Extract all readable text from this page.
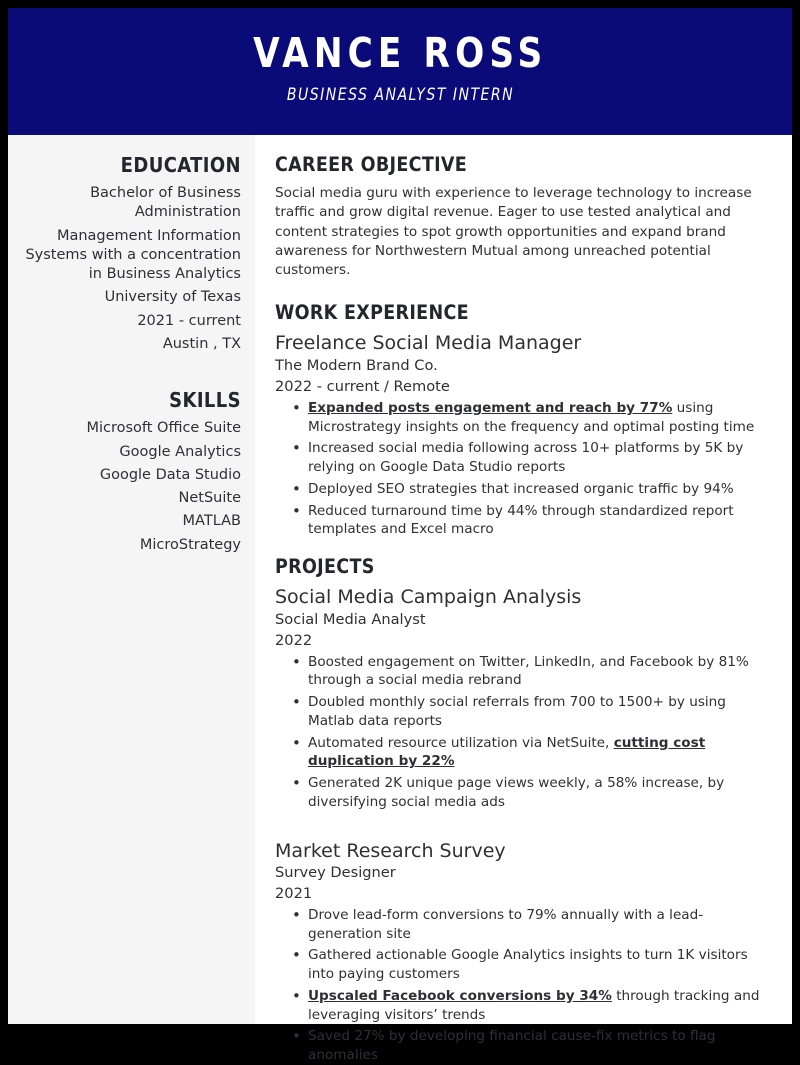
VANCE ROSS
BUSINESS ANALYST INTERN
EDUCATION
Bachelor of Business Administration
Management Information Systems with a concentration in Business Analytics
University of Texas
2021 - current
Austin , TX
SKILLS
Microsoft Office Suite
Google Analytics
Google Data Studio
NetSuite
MATLAB
MicroStrategy
CAREER OBJECTIVE

Social media guru with experience to leverage technology to increase traffic and grow digital revenue. Eager to use tested analytical and content strategies to spot growth opportunities and expand brand awareness for Northwestern Mutual among unreached potential customers.

WORK EXPERIENCE
Freelance Social Media Manager
The Modern Brand Co.
2022 - current / Remote
• Expanded posts engagement and reach by 77% using Microstrategy insights on the frequency and optimal posting time
• Increased social media following across 10+ platforms by 5K by relying on Google Data Studio reports
• Deployed SEO strategies that increased organic traffic by 94%
• Reduced turnaround time by 44% through standardized report templates and Excel macro
PROJECTS
Social Media Campaign Analysis
Social Media Analyst
2022
• Boosted engagement on Twitter, LinkedIn, and Facebook by 81% through a social media rebrand
• Doubled monthly social referrals from 700 to 1500+ by using Matlab data reports
• Automated resource utilization via NetSuite, cutting cost duplication by 22%
• Generated 2K unique page views weekly, a 58% increase, by diversifying social media ads
Market Research Survey
Survey Designer
2021
• Drove lead-form conversions to 79% annually with a lead-generation site
• Gathered actionable Google Analytics insights to turn 1K visitors into paying customers
• Upscaled Facebook conversions by 34% through tracking and leveraging visitors’ trends
• Saved 27% by developing financial cause-fix metrics to flag anomalies
